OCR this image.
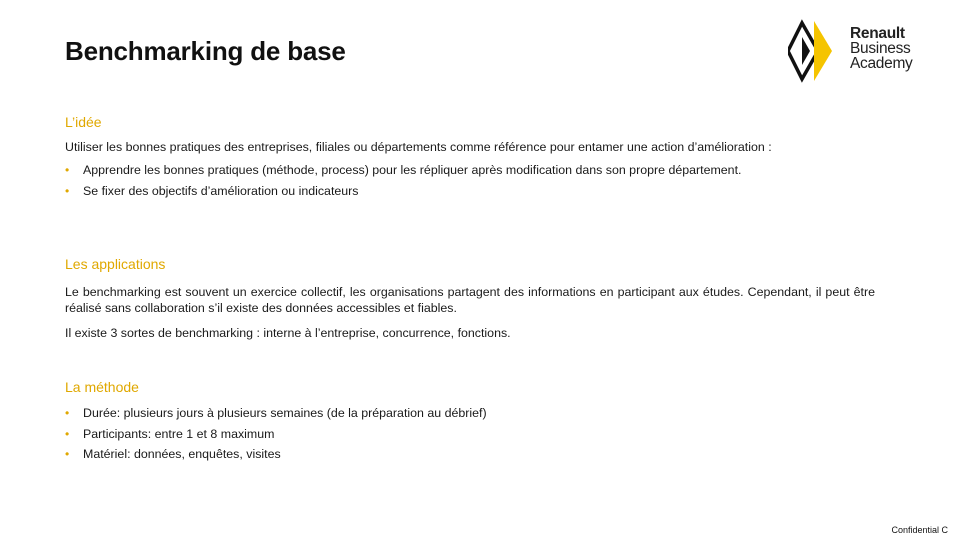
Benchmarking de base
Renault
Business
Academy
L’idée
Utiliser les bonnes pratiques des entreprises, filiales ou départements comme référence pour entamer une action d’amélioration :
• Apprendre les bonnes pratiques (méthode, process) pour les répliquer après modification dans son propre département.
• Se fixer des objectifs d’amélioration ou indicateurs
Les applications
Le benchmarking est souvent un exercice collectif, les organisations partagent des informations en participant aux études. Cependant, il peut être réalisé sans collaboration s’il existe des données accessibles et fiables.
Il existe 3 sortes de benchmarking : interne à l’entreprise, concurrence, fonctions.
La méthode
• Durée: plusieurs jours à plusieurs semaines (de la préparation au débrief)
• Participants: entre 1 et 8 maximum
• Matériel: données, enquêtes, visites
Confidential C
